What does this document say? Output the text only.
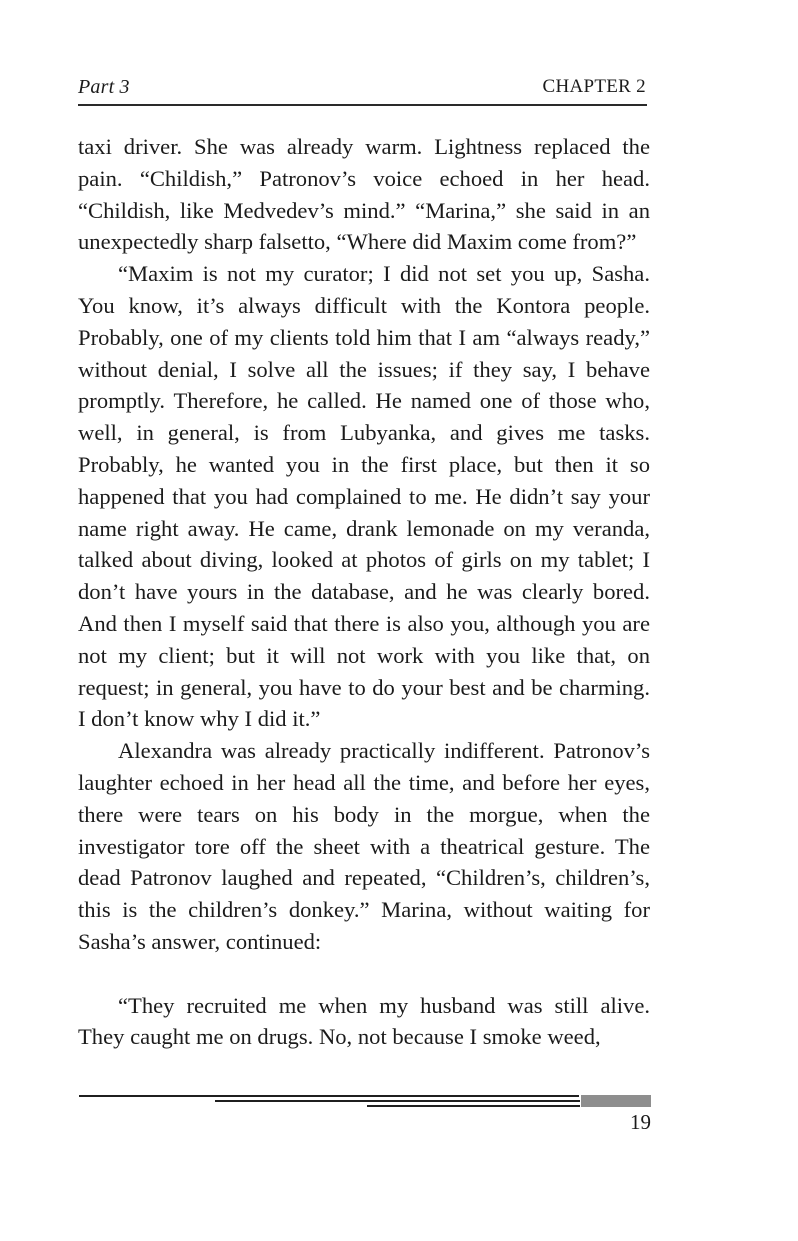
Part 3	CHAPTER 2

taxi driver. She was already warm. Lightness replaced the pain. “Childish,” Patronov’s voice echoed in her head. “Childish, like Medvedev’s mind.” “Marina,” she said in an unexpectedly sharp falsetto, “Where did Maxim come from?”

“Maxim is not my curator; I did not set you up, Sasha. You know, it’s always difficult with the Kontora people. Probably, one of my clients told him that I am “always ready,” without denial, I solve all the issues; if they say, I behave promptly. Therefore, he called. He named one of those who, well, in general, is from Lubyanka, and gives me tasks. Probably, he wanted you in the first place, but then it so happened that you had complained to me. He didn’t say your name right away. He came, drank lemonade on my veranda, talked about diving, looked at photos of girls on my tablet; I don’t have yours in the database, and he was clearly bored. And then I myself said that there is also you, although you are not my client; but it will not work with you like that, on request; in general, you have to do your best and be charming. I don’t know why I did it.”

Alexandra was already practically indifferent. Patronov’s laughter echoed in her head all the time, and before her eyes, there were tears on his body in the morgue, when the investigator tore off the sheet with a theatrical gesture. The dead Patronov laughed and repeated, “Children’s, children’s, this is the children’s donkey.” Marina, without waiting for Sasha’s answer, continued:

“They recruited me when my husband was still alive. They caught me on drugs. No, not because I smoke weed,

19
